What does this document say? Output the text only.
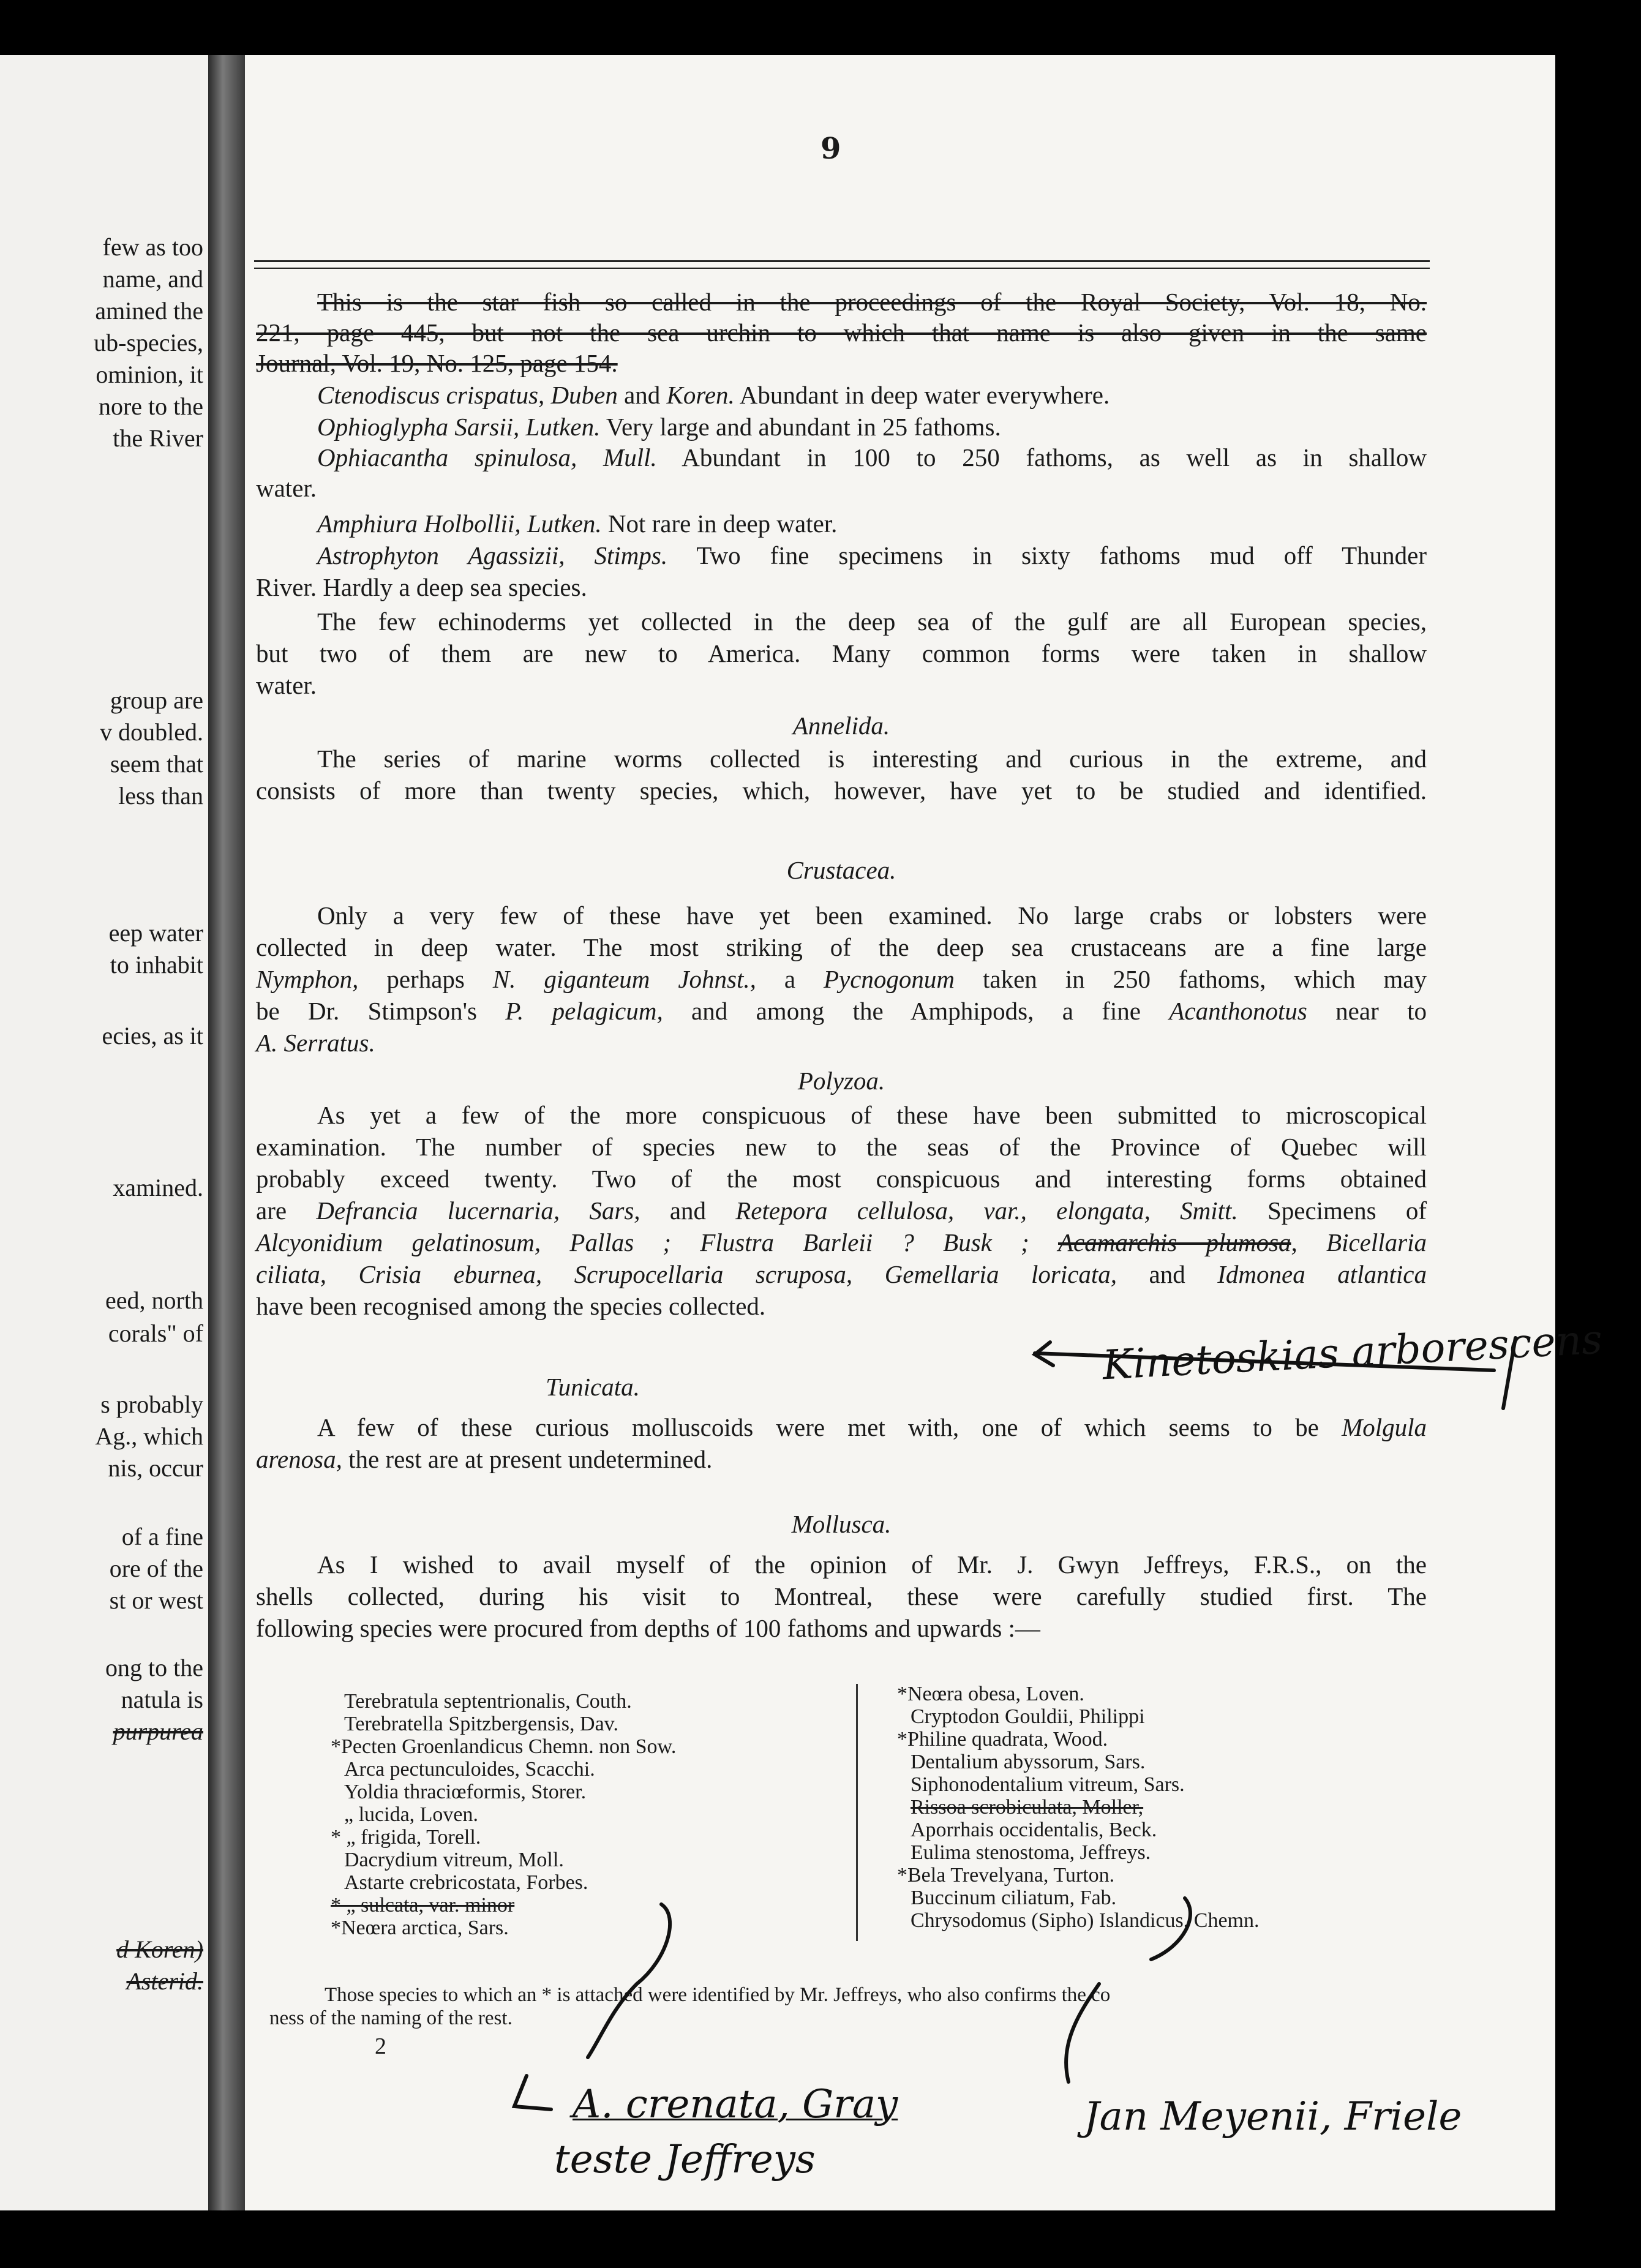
few as too
name, and
amined the
ub-species,
ominion, it
nore to the
the River
group are
v doubled.
seem that
less than
eep water
to inhabit
ecies, as it
xamined.
eed, north
corals" of
s probably
Ag., which
nis, occur
of a fine
ore of the
st or west
ong to the
natula is
purpurea
d Koren)
Asterid.
9
This is the star fish so called in the proceedings of the Royal Society, Vol. 18, No.
221, page 445, but not the sea urchin to which that name is also given in the same
Journal, Vol. 19, No. 125, page 154.
Ctenodiscus crispatus, Duben and Koren. Abundant in deep water everywhere.
Ophioglypha Sarsii, Lutken. Very large and abundant in 25 fathoms.
Ophiacantha spinulosa, Mull. Abundant in 100 to 250 fathoms, as well as in shallow
water.
Amphiura Holbollii, Lutken. Not rare in deep water.
Astrophyton Agassizii, Stimps. Two fine specimens in sixty fathoms mud off Thunder
River. Hardly a deep sea species.
The few echinoderms yet collected in the deep sea of the gulf are all European species,
but two of them are new to America. Many common forms were taken in shallow
water.
Annelida.
The series of marine worms collected is interesting and curious in the extreme, and
consists of more than twenty species, which, however, have yet to be studied and identified.
Crustacea.
Only a very few of these have yet been examined. No large crabs or lobsters were
collected in deep water. The most striking of the deep sea crustaceans are a fine large
Nymphon, perhaps N. giganteum Johnst., a Pycnogonum taken in 250 fathoms, which may
be Dr. Stimpson's P. pelagicum, and among the Amphipods, a fine Acanthonotus near to
A. Serratus.
Polyzoa.
As yet a few of the more conspicuous of these have been submitted to microscopical
examination. The number of species new to the seas of the Province of Quebec will
probably exceed twenty. Two of the most conspicuous and interesting forms obtained
are Defrancia lucernaria, Sars, and Retepora cellulosa, var., elongata, Smitt. Specimens of
Alcyonidium gelatinosum, Pallas ; Flustra Barleii ? Busk ; Acamarchis plumosa, Bicellaria
ciliata, Crisia eburnea, Scrupocellaria scruposa, Gemellaria loricata, and Idmonea atlantica
have been recognised among the species collected.
Kinetoskias arborescens
Tunicata.
A few of these curious molluscoids were met with, one of which seems to be Molgula
arenosa, the rest are at present undetermined.
Mollusca.
As I wished to avail myself of the opinion of Mr. J. Gwyn Jeffreys, F.R.S., on the
shells collected, during his visit to Montreal, these were carefully studied first. The
following species were procured from depths of 100 fathoms and upwards :—
Terebratula septentrionalis, Couth.
Terebratella Spitzbergensis, Dav.
*Pecten Groenlandicus Chemn. non Sow.
Arca pectunculoides, Scacchi.
Yoldia thraciœformis, Storer.
„ lucida, Loven.
* „ frigida, Torell.
Dacrydium vitreum, Moll.
Astarte crebricostata, Forbes.
* „ sulcata, var. minor
*Neœra arctica, Sars.
*Neœra obesa, Loven.
Cryptodon Gouldii, Philippi
*Philine quadrata, Wood.
Dentalium abyssorum, Sars.
Siphonodentalium vitreum, Sars.
Rissoa scrobiculata, Moller,
Aporrhais occidentalis, Beck.
Eulima stenostoma, Jeffreys.
*Bela Trevelyana, Turton.
Buccinum ciliatum, Fab.
Chrysodomus (Sipho) Islandicus, Chemn.
Those species to which an * is attached were identified by Mr. Jeffreys, who also confirms the co
ness of the naming of the rest.
2
A. crenata, Gray
teste Jeffreys
Jan Meyenii, Friele
